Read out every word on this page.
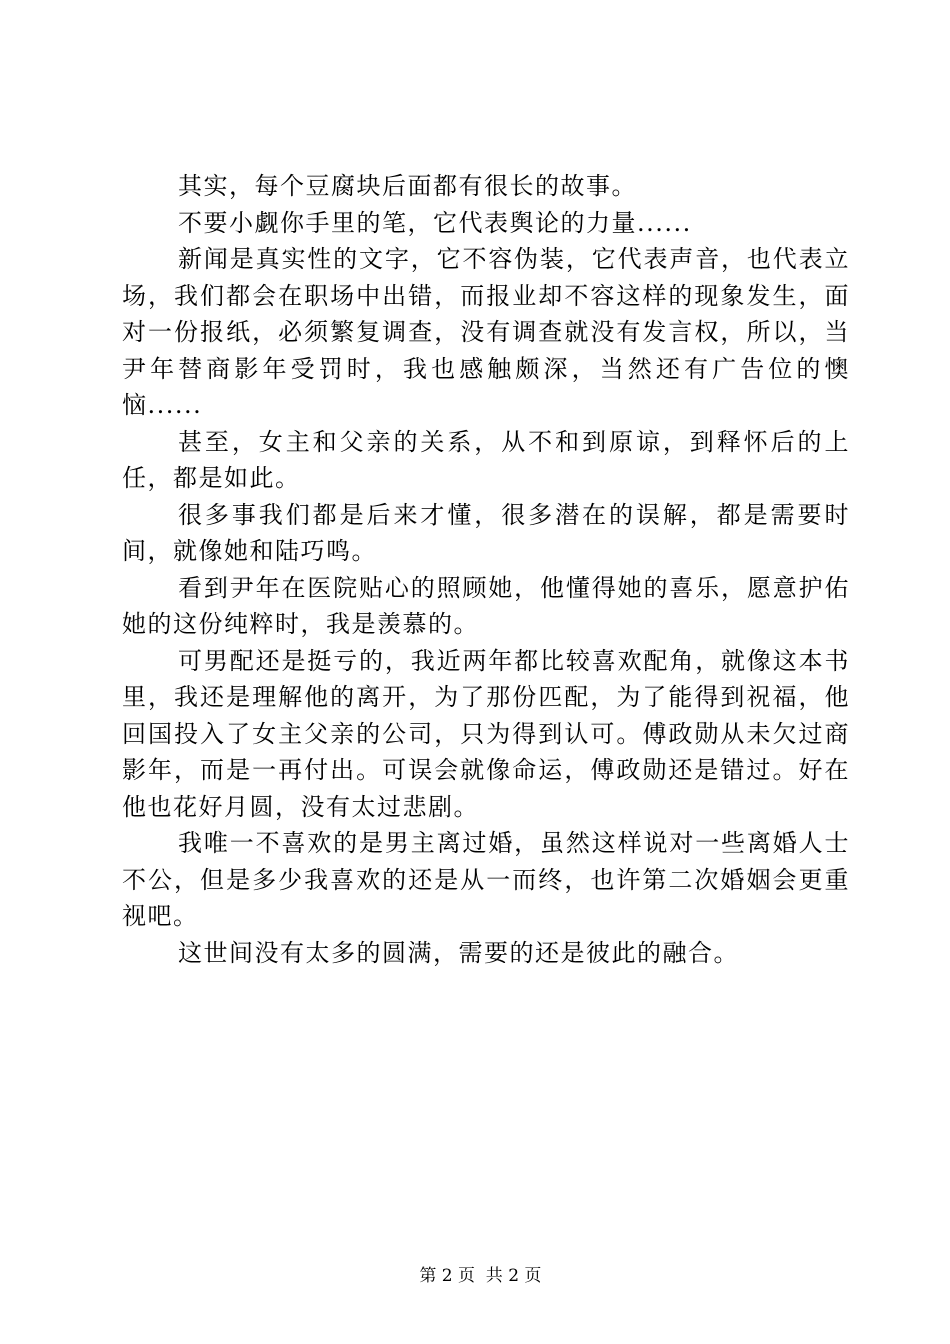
其实，每个豆腐块后面都有很长的故事。

不要小觑你手里的笔，它代表舆论的力量......

新闻是真实性的文字，它不容伪装，它代表声音，也代表立场，我们都会在职场中出错，而报业却不容这样的现象发生，面对一份报纸，必须繁复调查，没有调查就没有发言权，所以，当尹年替商影年受罚时，我也感触颇深，当然还有广告位的懊恼......

甚至，女主和父亲的关系，从不和到原谅，到释怀后的上任，都是如此。

很多事我们都是后来才懂，很多潜在的误解，都是需要时间，就像她和陆巧鸣。

看到尹年在医院贴心的照顾她，他懂得她的喜乐，愿意护佑她的这份纯粹时，我是羡慕的。

可男配还是挺亏的，我近两年都比较喜欢配角，就像这本书里，我还是理解他的离开，为了那份匹配，为了能得到祝福，他回国投入了女主父亲的公司，只为得到认可。傅政勋从未欠过商影年，而是一再付出。可误会就像命运，傅政勋还是错过。好在他也花好月圆，没有太过悲剧。

我唯一不喜欢的是男主离过婚，虽然这样说对一些离婚人士不公，但是多少我喜欢的还是从一而终，也许第二次婚姻会更重视吧。

这世间没有太多的圆满，需要的还是彼此的融合。

第 2 页  共 2 页
